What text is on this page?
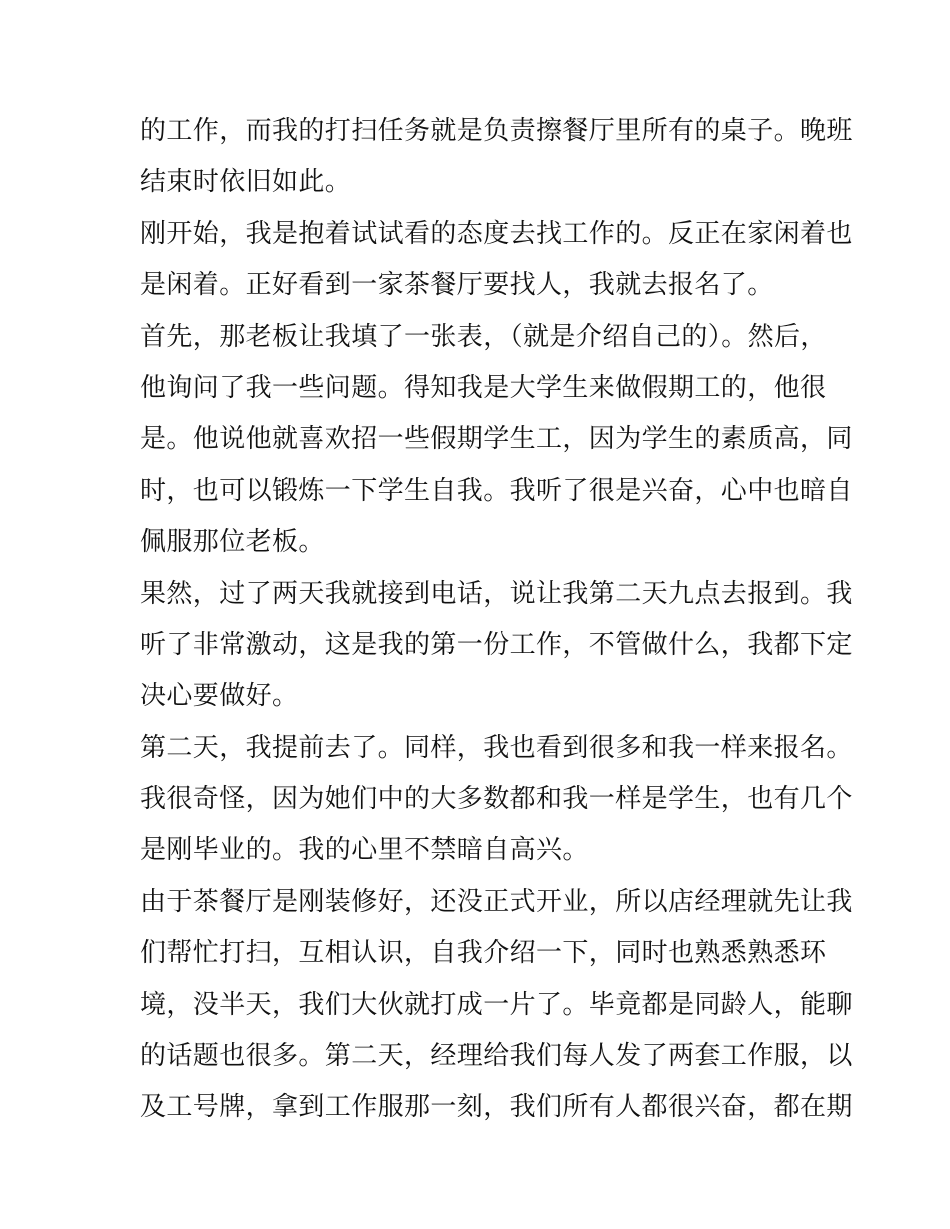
的工作，而我的打扫任务就是负责擦餐厅里所有的桌子。晚班

结束时依旧如此。

刚开始，我是抱着试试看的态度去找工作的。反正在家闲着也

是闲着。正好看到一家茶餐厅要找人，我就去报名了。

首先，那老板让我填了一张表，（就是介绍自己的）。然后，

他询问了我一些问题。得知我是大学生来做假期工的，他很

是。他说他就喜欢招一些假期学生工，因为学生的素质高，同

时，也可以锻炼一下学生自我。我听了很是兴奋，心中也暗自

佩服那位老板。

果然，过了两天我就接到电话，说让我第二天九点去报到。我

听了非常激动，这是我的第一份工作，不管做什么，我都下定

决心要做好。

第二天，我提前去了。同样，我也看到很多和我一样来报名。

我很奇怪，因为她们中的大多数都和我一样是学生，也有几个

是刚毕业的。我的心里不禁暗自高兴。

由于茶餐厅是刚装修好，还没正式开业，所以店经理就先让我

们帮忙打扫，互相认识，自我介绍一下，同时也熟悉熟悉环

境，没半天，我们大伙就打成一片了。毕竟都是同龄人，能聊

的话题也很多。第二天，经理给我们每人发了两套工作服，以

及工号牌，拿到工作服那一刻，我们所有人都很兴奋，都在期
